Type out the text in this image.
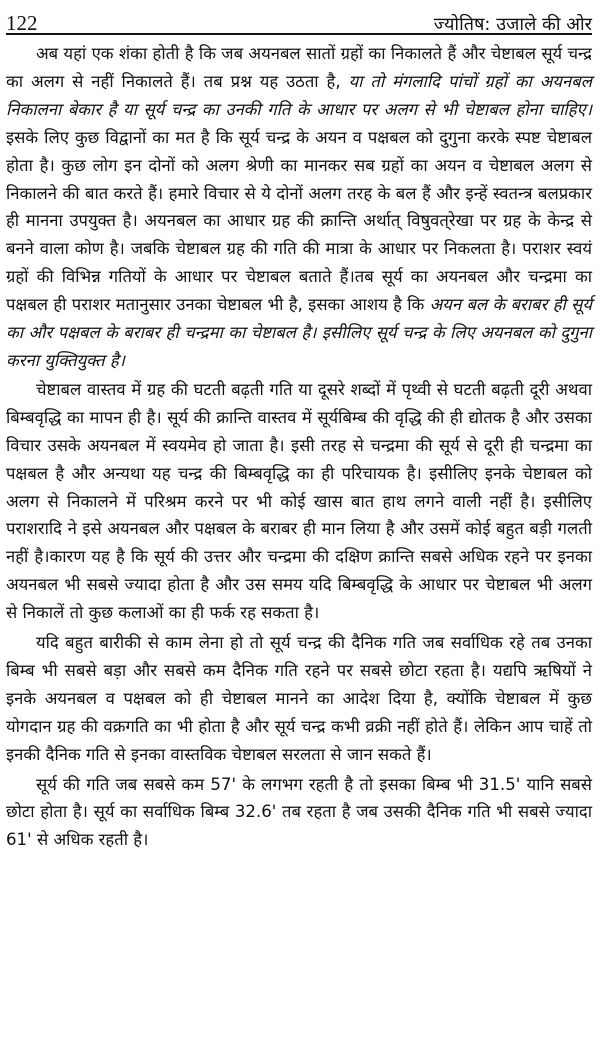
122	ज्योतिष: उजाले की ओर

अब यहां एक शंका होती है कि जब अयनबल सातों ग्रहों का निकालते हैं और चेष्टाबल सूर्य चन्द्र का अलग से नहीं निकालते हैं। तब प्रश्न यह उठता है, या तो मंगलादि पांचों ग्रहों का अयनबल निकालना बेकार है या सूर्य चन्द्र का उनकी गति के आधार पर अलग से भी चेष्टाबल होना चाहिए। इसके लिए कुछ विद्वानों का मत है कि सूर्य चन्द्र के अयन व पक्षबल को दुगुना करके स्पष्ट चेष्टाबल होता है। कुछ लोग इन दोनों को अलग श्रेणी का मानकर सब ग्रहों का अयन व चेष्टाबल अलग से निकालने की बात करते हैं। हमारे विचार से ये दोनों अलग तरह के बल हैं और इन्हें स्वतन्त्र बलप्रकार ही मानना उपयुक्त है। अयनबल का आधार ग्रह की क्रान्ति अर्थात् विषुवत्‌रेखा पर ग्रह के केन्द्र से बनने वाला कोण है। जबकि चेष्टाबल ग्रह की गति की मात्रा के आधार पर निकलता है। पराशर स्वयं ग्रहों की विभिन्न गतियों के आधार पर चेष्टाबल बताते हैं।तब सूर्य का अयनबल और चन्द्रमा का पक्षबल ही पराशर मतानुसार उनका चेष्टाबल भी है, इसका आशय है कि अयन बल के बराबर ही सूर्य का और पक्षबल के बराबर ही चन्द्रमा का चेष्टाबल है। इसीलिए सूर्य चन्द्र के लिए अयनबल को दुगुना करना युक्तियुक्त है।

चेष्टाबल वास्तव में ग्रह की घटती बढ़ती गति या दूसरे शब्दों में पृथ्वी से घटती बढ़ती दूरी अथवा बिम्बवृद्धि का मापन ही है। सूर्य की क्रान्ति वास्तव में सूर्यबिम्ब की वृद्धि की ही द्योतक है और उसका विचार उसके अयनबल में स्वयमेव हो जाता है। इसी तरह से चन्द्रमा की सूर्य से दूरी ही चन्द्रमा का पक्षबल है और अन्यथा यह चन्द्र की बिम्बवृद्धि का ही परिचायक है। इसीलिए इनके चेष्टाबल को अलग से निकालने में परिश्रम करने पर भी कोई खास बात हाथ लगने वाली नहीं है। इसीलिए पराशरादि ने इसे अयनबल और पक्षबल के बराबर ही मान लिया है और उसमें कोई बहुत बड़ी गलती नहीं है।कारण यह है कि सूर्य की उत्तर और चन्द्रमा की दक्षिण क्रान्ति सबसे अधिक रहने पर इनका अयनबल भी सबसे ज्यादा होता है और उस समय यदि बिम्बवृद्धि के आधार पर चेष्टाबल भी अलग से निकालें तो कुछ कलाओं का ही फर्क रह सकता है।

यदि बहुत बारीकी से काम लेना हो तो सूर्य चन्द्र की दैनिक गति जब सर्वाधिक रहे तब उनका बिम्ब भी सबसे बड़ा और सबसे कम दैनिक गति रहने पर सबसे छोटा रहता है। यद्यपि ऋषियों ने इनके अयनबल व पक्षबल को ही चेष्टाबल मानने का आदेश दिया है, क्योंकि चेष्टाबल में कुछ योगदान ग्रह की वक्रगति का भी होता है और सूर्य चन्द्र कभी व्रक्री नहीं होते हैं। लेकिन आप चाहें तो इनकी दैनिक गति से इनका वास्तविक चेष्टाबल सरलता से जान सकते हैं।

सूर्य की गति जब सबसे कम 57' के लगभग रहती है तो इसका बिम्ब भी 31.5' यानि सबसे छोटा होता है। सूर्य का सर्वाधिक बिम्ब 32.6' तब रहता है जब उसकी दैनिक गति भी सबसे ज्यादा 61' से अधिक रहती है।
